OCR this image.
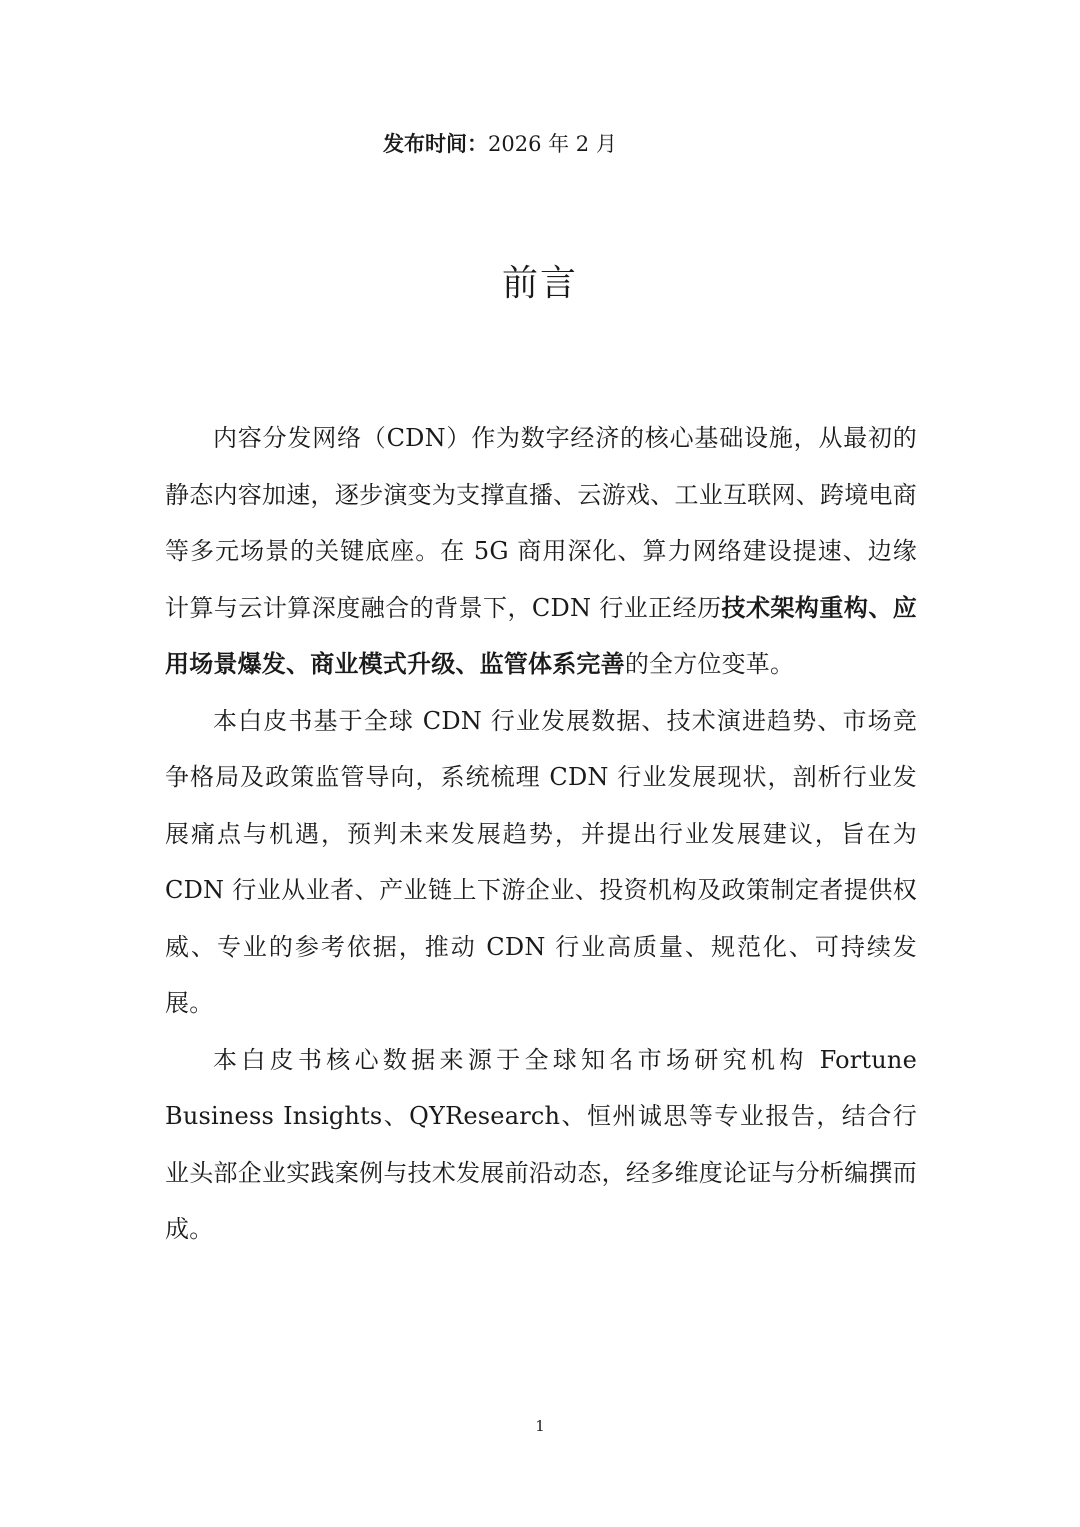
发布时间：2026 年 2 月
前言

内容分发网络（CDN）作为数字经济的核心基础设施，从最初的静态内容加速，逐步演变为支撑直播、云游戏、工业互联网、跨境电商等多元场景的关键底座。在 5G 商用深化、算力网络建设提速、边缘计算与云计算深度融合的背景下，CDN 行业正经历技术架构重构、应用场景爆发、商业模式升级、监管体系完善的全方位变革。

本白皮书基于全球 CDN 行业发展数据、技术演进趋势、市场竞争格局及政策监管导向，系统梳理 CDN 行业发展现状，剖析行业发展痛点与机遇，预判未来发展趋势，并提出行业发展建议，旨在为 CDN 行业从业者、产业链上下游企业、投资机构及政策制定者提供权威、专业的参考依据，推动 CDN 行业高质量、规范化、可持续发展。

本白皮书核心数据来源于全球知名市场研究机构 Fortune Business Insights、QYResearch、恒州诚思等专业报告，结合行业头部企业实践案例与技术发展前沿动态，经多维度论证与分析编撰而成。

1
